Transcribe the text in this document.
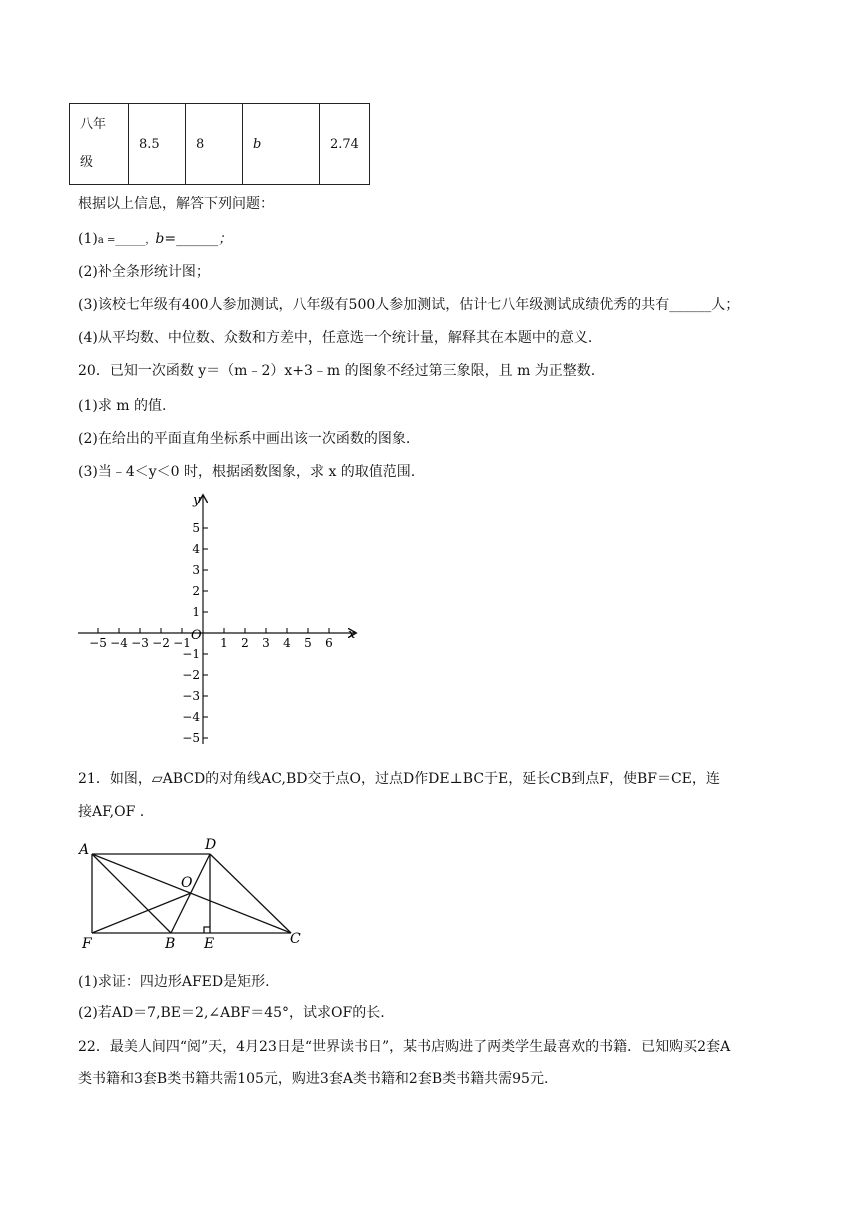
八年级	8.5	8	b	2.74
根据以上信息，解答下列问题：
(1)a =______，b=______；
(2)补全条形统计图；
(3)该校七年级有400人参加测试，八年级有500人参加测试，估计七八年级测试成绩优秀的共有______人；
(4)从平均数、中位数、众数和方差中，任意选一个统计量，解释其在本题中的意义.
20．已知一次函数 y＝（m﹣2）x+3﹣m 的图象不经过第三象限，且 m 为正整数.
(1)求 m 的值.
(2)在给出的平面直角坐标系中画出该一次函数的图象.
(3)当﹣4＜y＜0 时，根据函数图象，求 x 的取值范围.
−5 −4 −3 −2 −1 1 2 3 4 5 6
5
4
3
2
1
−1
−2
−3
−4
−5
x
y
O
21．如图，▱ABCD的对角线AC,BD交于点O，过点D作DE⊥BC于E，延长CB到点F，使BF＝CE，连
接AF,OF .
A	D
O
F	B E	C
(1)求证：四边形AFED是矩形.
(2)若AD＝7,BE＝2,∠ABF＝45°，试求OF的长.
22．最美人间四“阅”天，4月23日是“世界读书日”，某书店购进了两类学生最喜欢的书籍．已知购买2套A
类书籍和3套B类书籍共需105元，购进3套A类书籍和2套B类书籍共需95元.
